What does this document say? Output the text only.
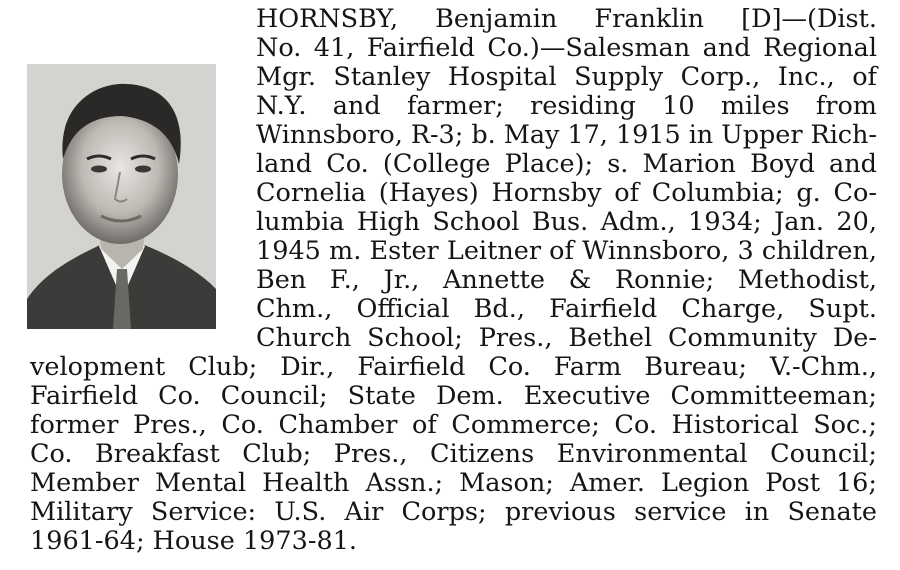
HORNSBY, Benjamin Franklin [D]—(Dist.
No. 41, Fairfield Co.)—Salesman and Regional
Mgr. Stanley Hospital Supply Corp., Inc., of
N.Y. and farmer; residing 10 miles from
Winnsboro, R-3; b. May 17, 1915 in Upper Rich-
land Co. (College Place); s. Marion Boyd and
Cornelia (Hayes) Hornsby of Columbia; g. Co-
lumbia High School Bus. Adm., 1934; Jan. 20,
1945 m. Ester Leitner of Winnsboro, 3 children,
Ben F., Jr., Annette & Ronnie; Methodist,
Chm., Official Bd., Fairfield Charge, Supt.
Church School; Pres., Bethel Community De-
velopment Club; Dir., Fairfield Co. Farm Bureau; V.-Chm.,
Fairfield Co. Council; State Dem. Executive Committeeman;
former Pres., Co. Chamber of Commerce; Co. Historical Soc.;
Co. Breakfast Club; Pres., Citizens Environmental Council;
Member Mental Health Assn.; Mason; Amer. Legion Post 16;
Military Service: U.S. Air Corps; previous service in Senate
1961-64; House 1973-81.
